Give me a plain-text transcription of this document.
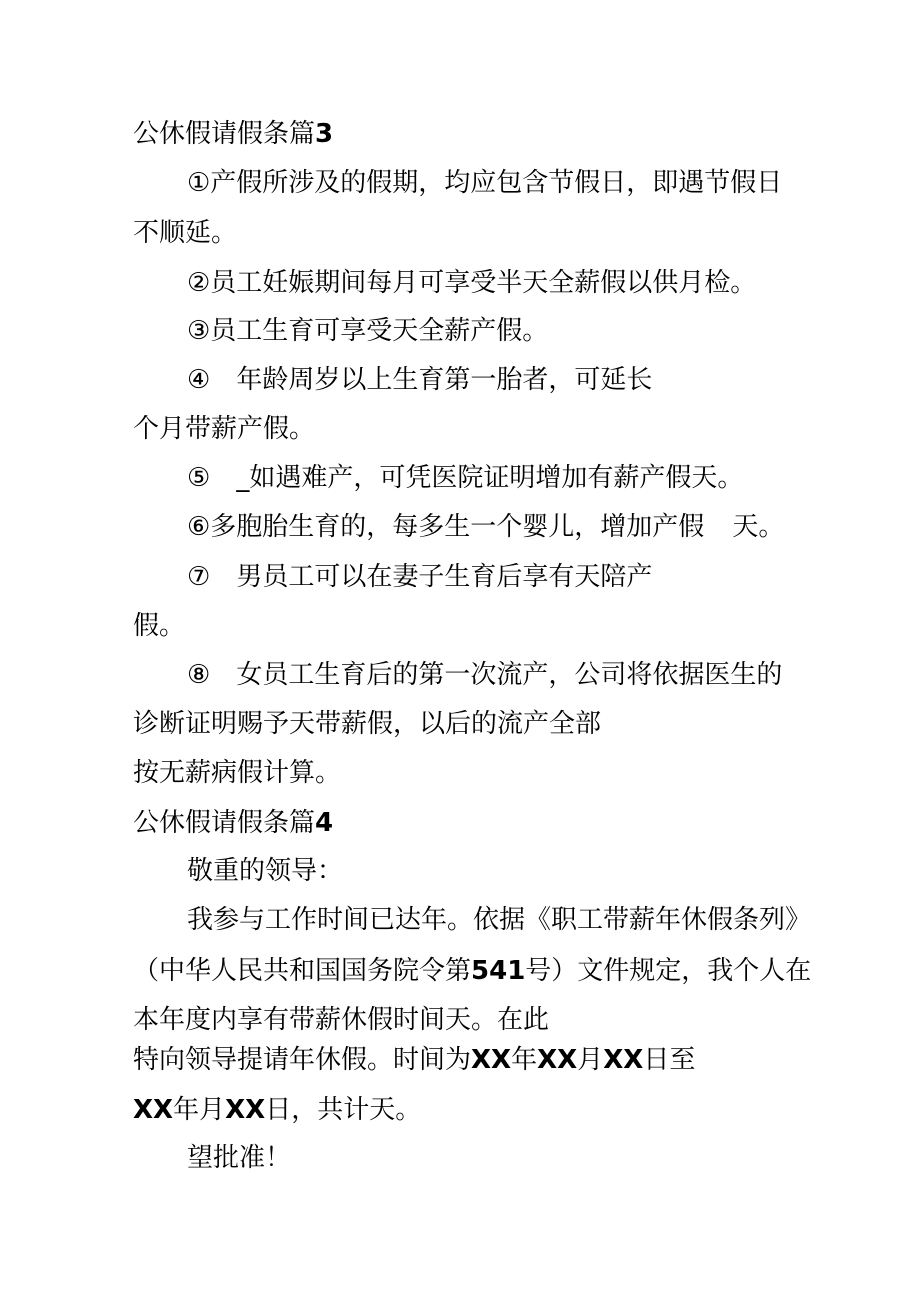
公休假请假条篇3

①产假所涉及的假期，均应包含节假日，即遇节假日

不顺延。

②员工妊娠期间每月可享受半天全薪假以供月检。

③员工生育可享受天全薪产假。

④ 年龄周岁以上生育第一胎者，可延长

个月带薪产假。

⑤ _如遇难产，可凭医院证明增加有薪产假天。

⑥多胞胎生育的，每多生一个婴儿，增加产假 天。

⑦ 男员工可以在妻子生育后享有天陪产

假。

⑧ 女员工生育后的第一次流产，公司将依据医生的

诊断证明赐予天带薪假，以后的流产全部

按无薪病假计算。

公休假请假条篇4

敬重的领导：

我参与工作时间已达年。依据《职工带薪年休假条列》

（中华人民共和国国务院令第541号）文件规定，我个人在

本年度内享有带薪休假时间天。在此

特向领导提请年休假。时间为XX年XX月XX日至

XX年月XX日，共计天。

望批准！
